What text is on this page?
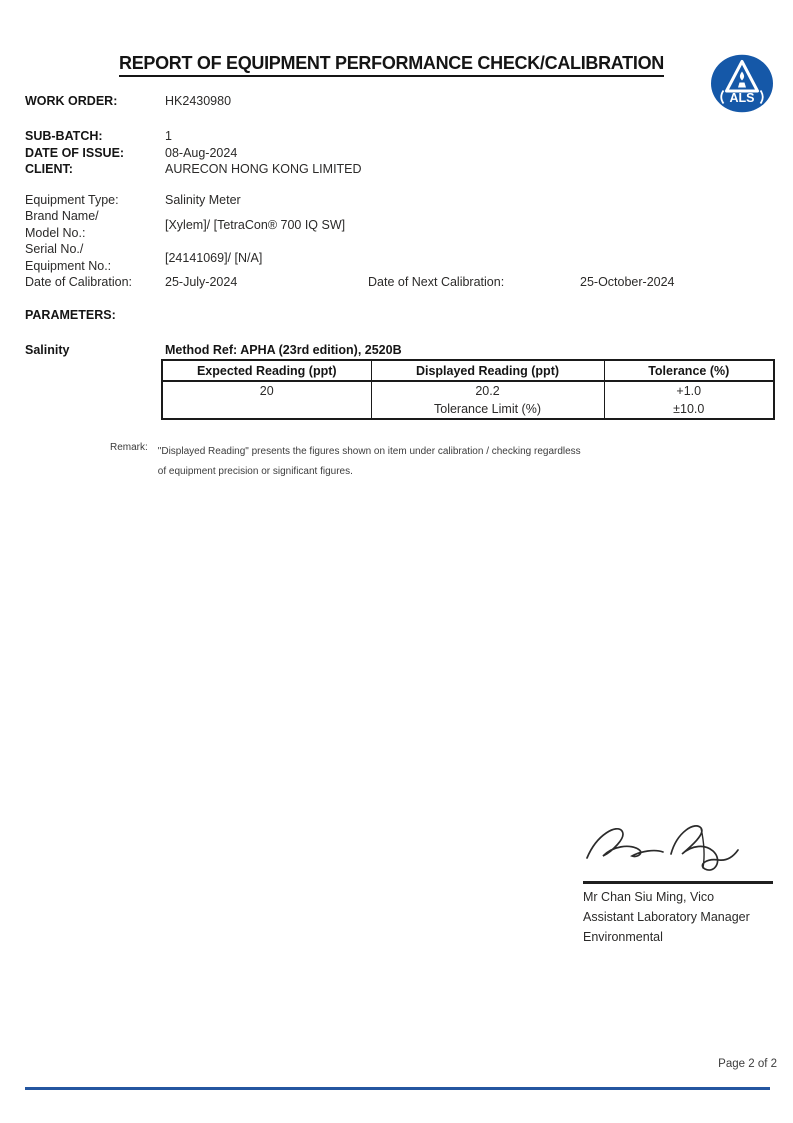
REPORT OF EQUIPMENT PERFORMANCE CHECK/CALIBRATION
ALS
WORK ORDER:	HK2430980
SUB-BATCH:	1
DATE OF ISSUE:	08-Aug-2024
CLIENT:	AURECON HONG KONG LIMITED
Equipment Type:	Salinity Meter
Brand Name/
Model No.:
[Xylem]/ [TetraCon® 700 IQ SW]
Serial No./
Equipment No.:
[24141069]/ [N/A]
Date of Calibration:	25-July-2024	Date of Next Calibration:	25-October-2024
PARAMETERS:
Salinity	Method Ref: APHA (23rd edition), 2520B
Expected Reading (ppt)	Displayed Reading (ppt)	Tolerance (%)
20	20.2	+1.0
	Tolerance Limit (%)	±10.0
Remark: "Displayed Reading" presents the figures shown on item under calibration / checking regardless
of equipment precision or significant figures.
Mr Chan Siu Ming, Vico
Assistant Laboratory Manager
Environmental
Page 2 of 2
